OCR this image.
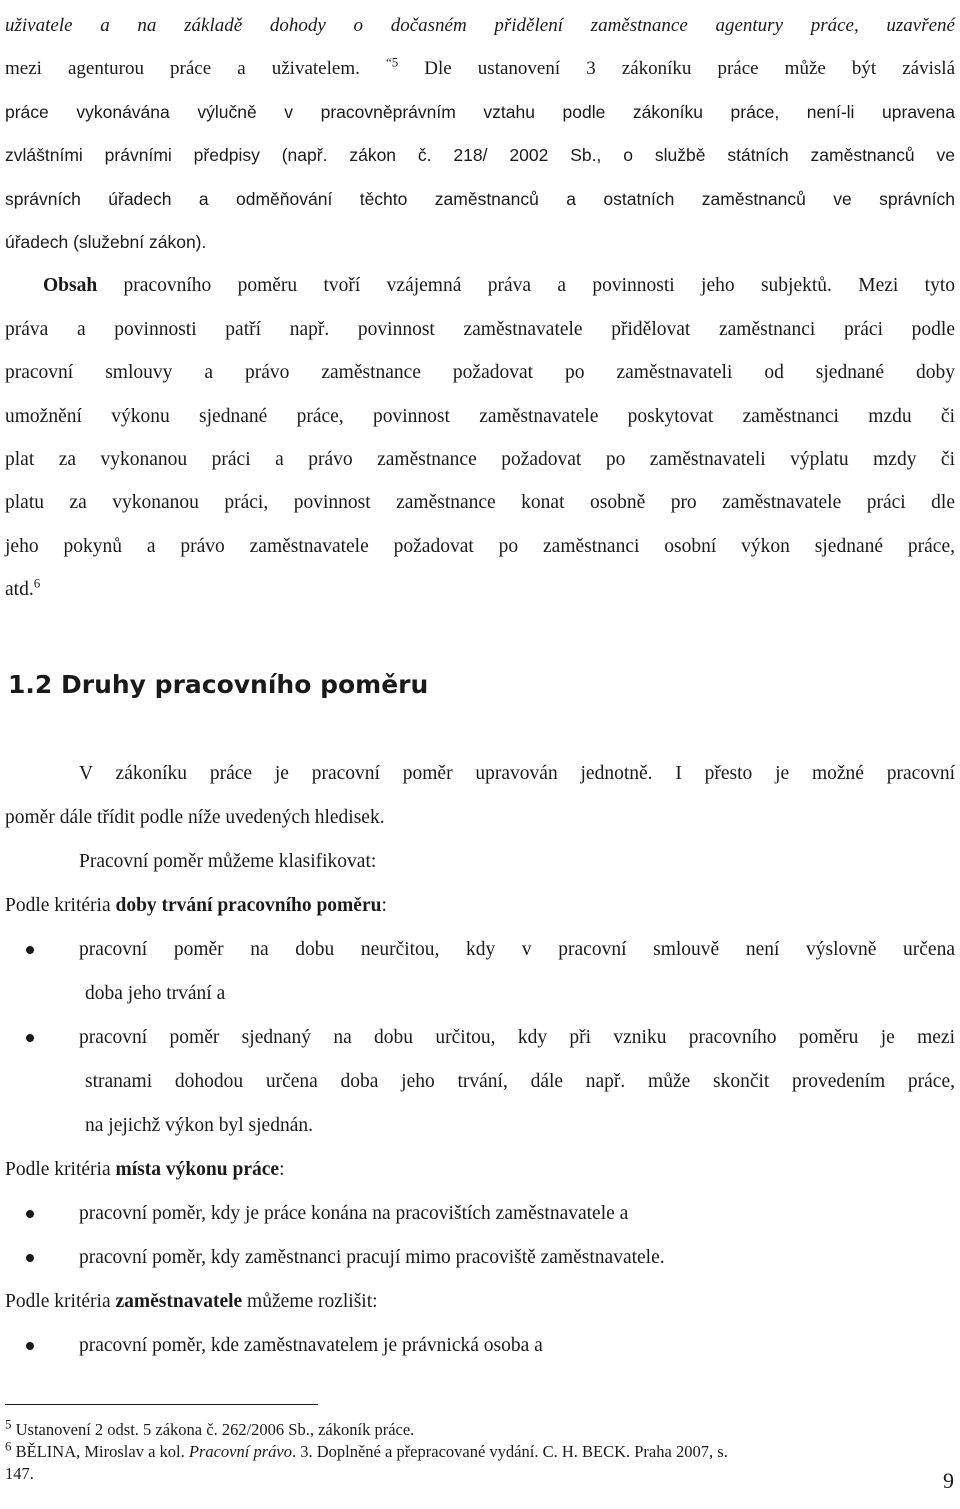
uživatele a na základě dohody o dočasném přidělení zaměstnance agentury práce, uzavřené
mezi agenturou práce a uživatelem. $^{“5}$ Dle ustanovení 3 zákoníku práce může být závislá
práce vykonávána výlučně v pracovněprávním vztahu podle zákoníku práce, není-li upravena
zvláštními právními předpisy (např. zákon č. 218/ 2002 Sb., o službě státních zaměstnanců ve
správních úřadech a odměňování těchto zaměstnanců a ostatních zaměstnanců ve správních
úřadech (služební zákon).

Obsah pracovního poměru tvoří vzájemná práva a povinnosti jeho subjektů. Mezi tyto
práva a povinnosti patří např. povinnost zaměstnavatele přidělovat zaměstnanci práci podle
pracovní smlouvy a právo zaměstnance požadovat po zaměstnavateli od sjednané doby
umožnění výkonu sjednané práce, povinnost zaměstnavatele poskytovat zaměstnanci mzdu či
plat za vykonanou práci a právo zaměstnance požadovat po zaměstnavateli výplatu mzdy či
platu za vykonanou práci, povinnost zaměstnance konat osobně pro zaměstnavatele práci dle
jeho pokynů a právo zaměstnavatele požadovat po zaměstnanci osobní výkon sjednané práce,
atd.$^6$

1.2 Druhy pracovního poměru

V zákoníku práce je pracovní poměr upravován jednotně. I přesto je možné pracovní

poměr dále třídit podle níže uvedených hledisek.

Pracovní poměr můžeme klasifikovat:

Podle kritéria doby trvání pracovního poměru:

pracovní poměr na dobu neurčitou, kdy v pracovní smlouvě není výslovně určena
doba jeho trvání a
pracovní poměr sjednaný na dobu určitou, kdy při vzniku pracovního poměru je mezi
stranami dohodou určena doba jeho trvání, dále např. může skončit provedením práce,
na jejichž výkon byl sjednán.

Podle kritéria místa výkonu práce:

pracovní poměr, kdy je práce konána na pracovištích zaměstnavatele a
pracovní poměr, kdy zaměstnanci pracují mimo pracoviště zaměstnavatele.

Podle kritéria zaměstnavatele můžeme rozlišit:

pracovní poměr, kde zaměstnavatelem je právnická osoba a

$^5$ Ustanovení 2 odst. 5 zákona č. 262/2006 Sb., zákoník práce.

$^6$ BĚLINA, Miroslav a kol. Pracovní právo. 3. Doplněné a přepracované vydání. C. H. BECK. Praha 2007, s.

147.	9
